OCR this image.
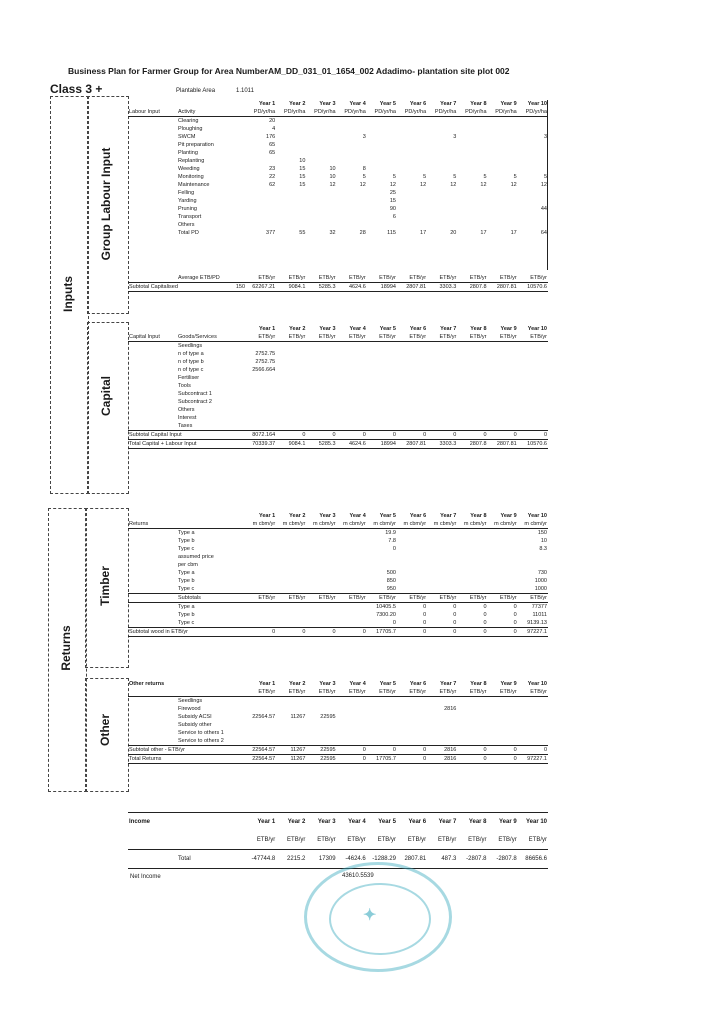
Business Plan for Farmer Group for Area NumberAM_DD_031_01_1654_002 Adadimo- plantation site plot 002
Class 3 +	Plantable Area	1.1011
Inputs
Group Labour Input
Capital
Returns
Timber
Other
		Year 1	Year 2	Year 3	Year 4	Year 5	Year 6	Year 7	Year 8	Year 9	Year 10
Labour Input	Activity	PD/yr/ha	PD/yr/ha	PD/yr/ha	PD/yr/ha	PD/yr/ha	PD/yr/ha	PD/yr/ha	PD/yr/ha	PD/yr/ha	PD/yr/ha
	Clearing	20									
	Ploughing	4									
	SWCM	176			3			3			3
	Pit preparation	65									
	Planting	65									
	Replanting		10								
	Weeding	23	15	10	8						
	Monitoring	22	15	10	5	5	5	5	5	5	5
	Maintenance	62	15	12	12	12	12	12	12	12	12
	Felling					25					
	Yarding					15					
	Pruning					90					44
	Transport					6					
	Others										
	Total PD	377	55	32	28	115	17	20	17	17	64
	Average ETB/PD	ETB/yr	ETB/yr	ETB/yr	ETB/yr	ETB/yr	ETB/yr	ETB/yr	ETB/yr	ETB/yr	ETB/yr
Subtotal Capitalised	150	62267.21	9084.1	5285.3	4624.6	18994	2807.81	3303.3	2807.8	2807.81	10570.6
		Year 1	Year 2	Year 3	Year 4	Year 5	Year 6	Year 7	Year 8	Year 9	Year 10
Capital Input	Goods/Services	ETB/yr	ETB/yr	ETB/yr	ETB/yr	ETB/yr	ETB/yr	ETB/yr	ETB/yr	ETB/yr	ETB/yr
	Seedlings										
	n of type a	2752.75									
	n of type b	2752.75									
	n of type c	2566.664									
	Fertiliser										
	Tools										
	Subcontract 1										
	Subcontract 2										
	Others										
	Interest										
	Taxes										
Subtotal Capital Input		8072.164	0	0	0	0	0	0	0	0	0
Total Capital + Labour Input		70339.37	9084.1	5285.3	4624.6	18994	2807.81	3303.3	2807.8	2807.81	10570.6
		Year 1	Year 2	Year 3	Year 4	Year 5	Year 6	Year 7	Year 8	Year 9	Year 10
Returns		m cbm/yr	m cbm/yr	m cbm/yr	m cbm/yr	m cbm/yr	m cbm/yr	m cbm/yr	m cbm/yr	m cbm/yr	m cbm/yr
	Type a					19.9					150
	Type b					7.8					10
	Type c					0					8.3
	assumed price										
	per cbm										
	Type a					500					730
	Type b					850					1000
	Type c					950					1000
	Subtotals	ETB/yr	ETB/yr	ETB/yr	ETB/yr	ETB/yr	ETB/yr	ETB/yr	ETB/yr	ETB/yr	ETB/yr
	Type a					10405.5	0	0	0	0	77377
	Type b					7300.20	0	0	0	0	11011
	Type c					0	0	0	0	0	9139.13
Subtotal wood in ETB/yr		0	0	0	0	17705.7	0	0	0	0	97227.1
Other returns		Year 1	Year 2	Year 3	Year 4	Year 5	Year 6	Year 7	Year 8	Year 9	Year 10
		ETB/yr	ETB/yr	ETB/yr	ETB/yr	ETB/yr	ETB/yr	ETB/yr	ETB/yr	ETB/yr	ETB/yr
	Seedlings										
	Firewood							2816			
	Subsidy ACSI	22564.57	11267	22595							
	Subsidy other										
	Service to others 1										
	Service to others 2										
Subtotal other - ETB/yr		22564.57	11267	22595	0	0	0	2816	0	0	0
Total Returns		22564.57	11267	22595	0	17705.7	0	2816	0	0	97227.1
Income		Year 1	Year 2	Year 3	Year 4	Year 5	Year 6	Year 7	Year 8	Year 9	Year 10
		ETB/yr	ETB/yr	ETB/yr	ETB/yr	ETB/yr	ETB/yr	ETB/yr	ETB/yr	ETB/yr	ETB/yr
	Total	-47744.8	2215.2	17309	-4624.6	-1288.29	2807.81	487.3	-2807.8	-2807.8	86656.6
Net Income	43610.5539
✦
